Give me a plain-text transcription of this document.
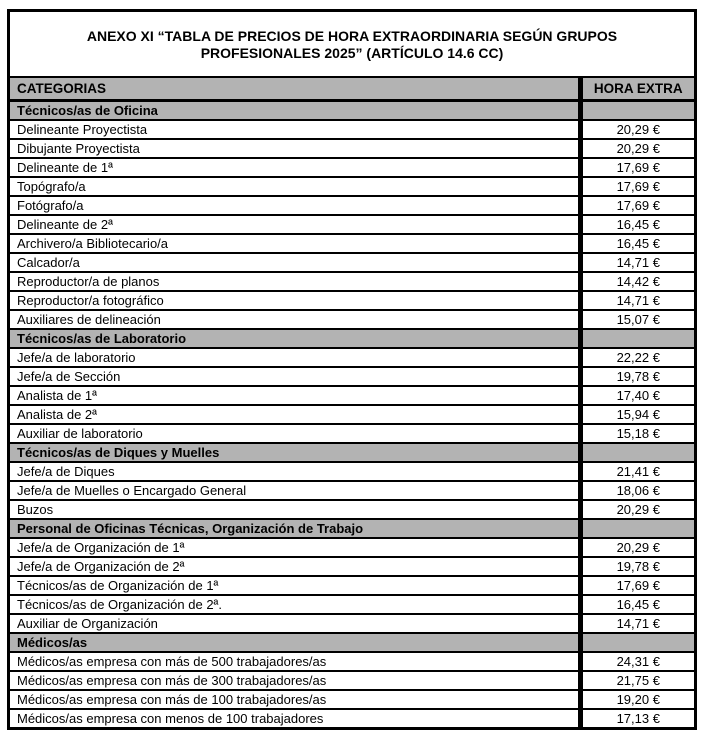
ANEXO XI “TABLA DE PRECIOS DE HORA EXTRAORDINARIA SEGÚN GRUPOS
PROFESIONALES 2025” (ARTÍCULO 14.6 CC)
CATEGORIAS	HORA EXTRA
Técnicos/as de Oficina	
Delineante Proyectista	20,29 €
Dibujante Proyectista	20,29 €
Delineante de 1ª	17,69 €
Topógrafo/a	17,69 €
Fotógrafo/a	17,69 €
Delineante de 2ª	16,45 €
Archivero/a Bibliotecario/a	16,45 €
Calcador/a	14,71 €
Reproductor/a de planos	14,42 €
Reproductor/a fotográfico	14,71 €
Auxiliares de delineación	15,07 €
Técnicos/as de Laboratorio	
Jefe/a de laboratorio	22,22 €
Jefe/a de Sección	19,78 €
Analista de 1ª	17,40 €
Analista de 2ª	15,94 €
Auxiliar de laboratorio	15,18 €
Técnicos/as de Diques y Muelles	
Jefe/a de Diques	21,41 €
Jefe/a de Muelles o Encargado General	18,06 €
Buzos	20,29 €
Personal de Oficinas Técnicas, Organización de Trabajo	
Jefe/a de Organización de 1ª	20,29 €
Jefe/a de Organización de 2ª	19,78 €
Técnicos/as de Organización de 1ª	17,69 €
Técnicos/as de Organización de 2ª.	16,45 €
Auxiliar de Organización	14,71 €
Médicos/as	
Médicos/as empresa con más de 500 trabajadores/as	24,31 €
Médicos/as empresa con más de 300 trabajadores/as	21,75 €
Médicos/as empresa con más de 100 trabajadores/as	19,20 €
Médicos/as empresa con menos de 100 trabajadores	17,13 €
